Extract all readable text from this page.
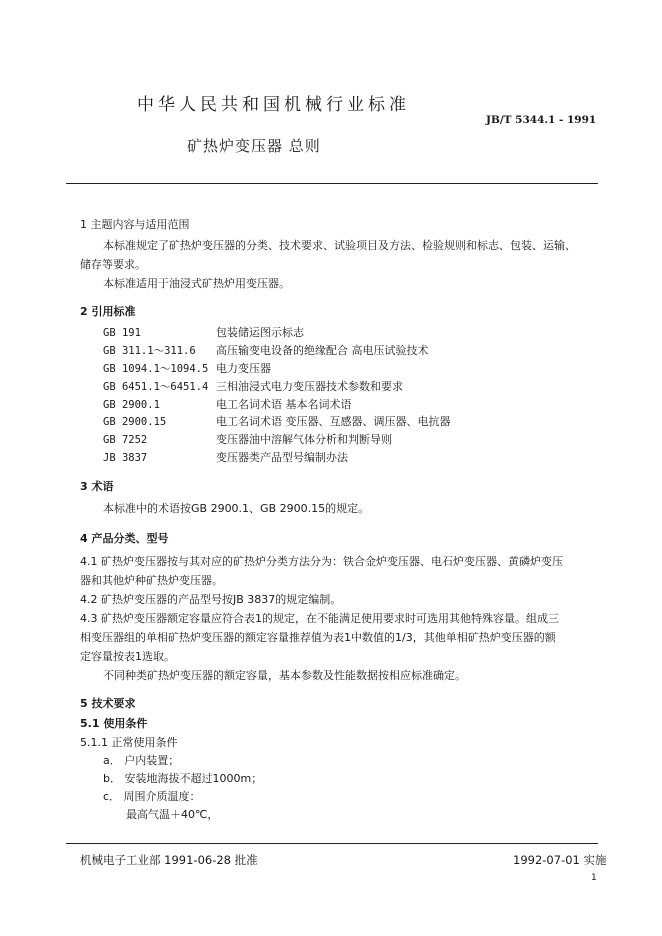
中华人民共和国机械行业标准
JB/T 5344.1 - 1991
矿热炉变压器 总则
1 主题内容与适用范围
本标准规定了矿热炉变压器的分类、技术要求、试验项目及方法、检验规则和标志、包装、运输、
储存等要求。
本标准适用于油浸式矿热炉用变压器。
2 引用标准
GB 191	包装储运图示标志
GB 311.1～311.6 高压输变电设备的绝缘配合 高电压试验技术
GB 1094.1～1094.5 电力变压器
GB 6451.1～6451.4 三相油浸式电力变压器技术参数和要求
GB 2900.1	电工名词术语 基本名词术语
GB 2900.15	电工名词术语 变压器、互感器、调压器、电抗器
GB 7252	变压器油中溶解气体分析和判断导则
JB 3837	变压器类产品型号编制办法
3 术语
本标准中的术语按GB 2900.1、GB 2900.15的规定。
4 产品分类、型号
4.1 矿热炉变压器按与其对应的矿热炉分类方法分为：铁合金炉变压器、电石炉变压器、黄磷炉变压
器和其他炉种矿热炉变压器。
4.2 矿热炉变压器的产品型号按JB 3837的规定编制。
4.3 矿热炉变压器额定容量应符合表1的规定，在不能满足使用要求时可选用其他特殊容量。组成三
相变压器组的单相矿热炉变压器的额定容量推荐值为表1中数值的1/3，其他单相矿热炉变压器的额
定容量按表1选取。
不同种类矿热炉变压器的额定容量，基本参数及性能数据按相应标准确定。
5 技术要求
5.1 使用条件
5.1.1 正常使用条件
a． 户内装置；
b． 安装地海拔不超过1000m；
c． 周围介质温度：
最高气温＋40℃，
机械电子工业部 1991-06-28 批准	1992-07-01 实施
1
